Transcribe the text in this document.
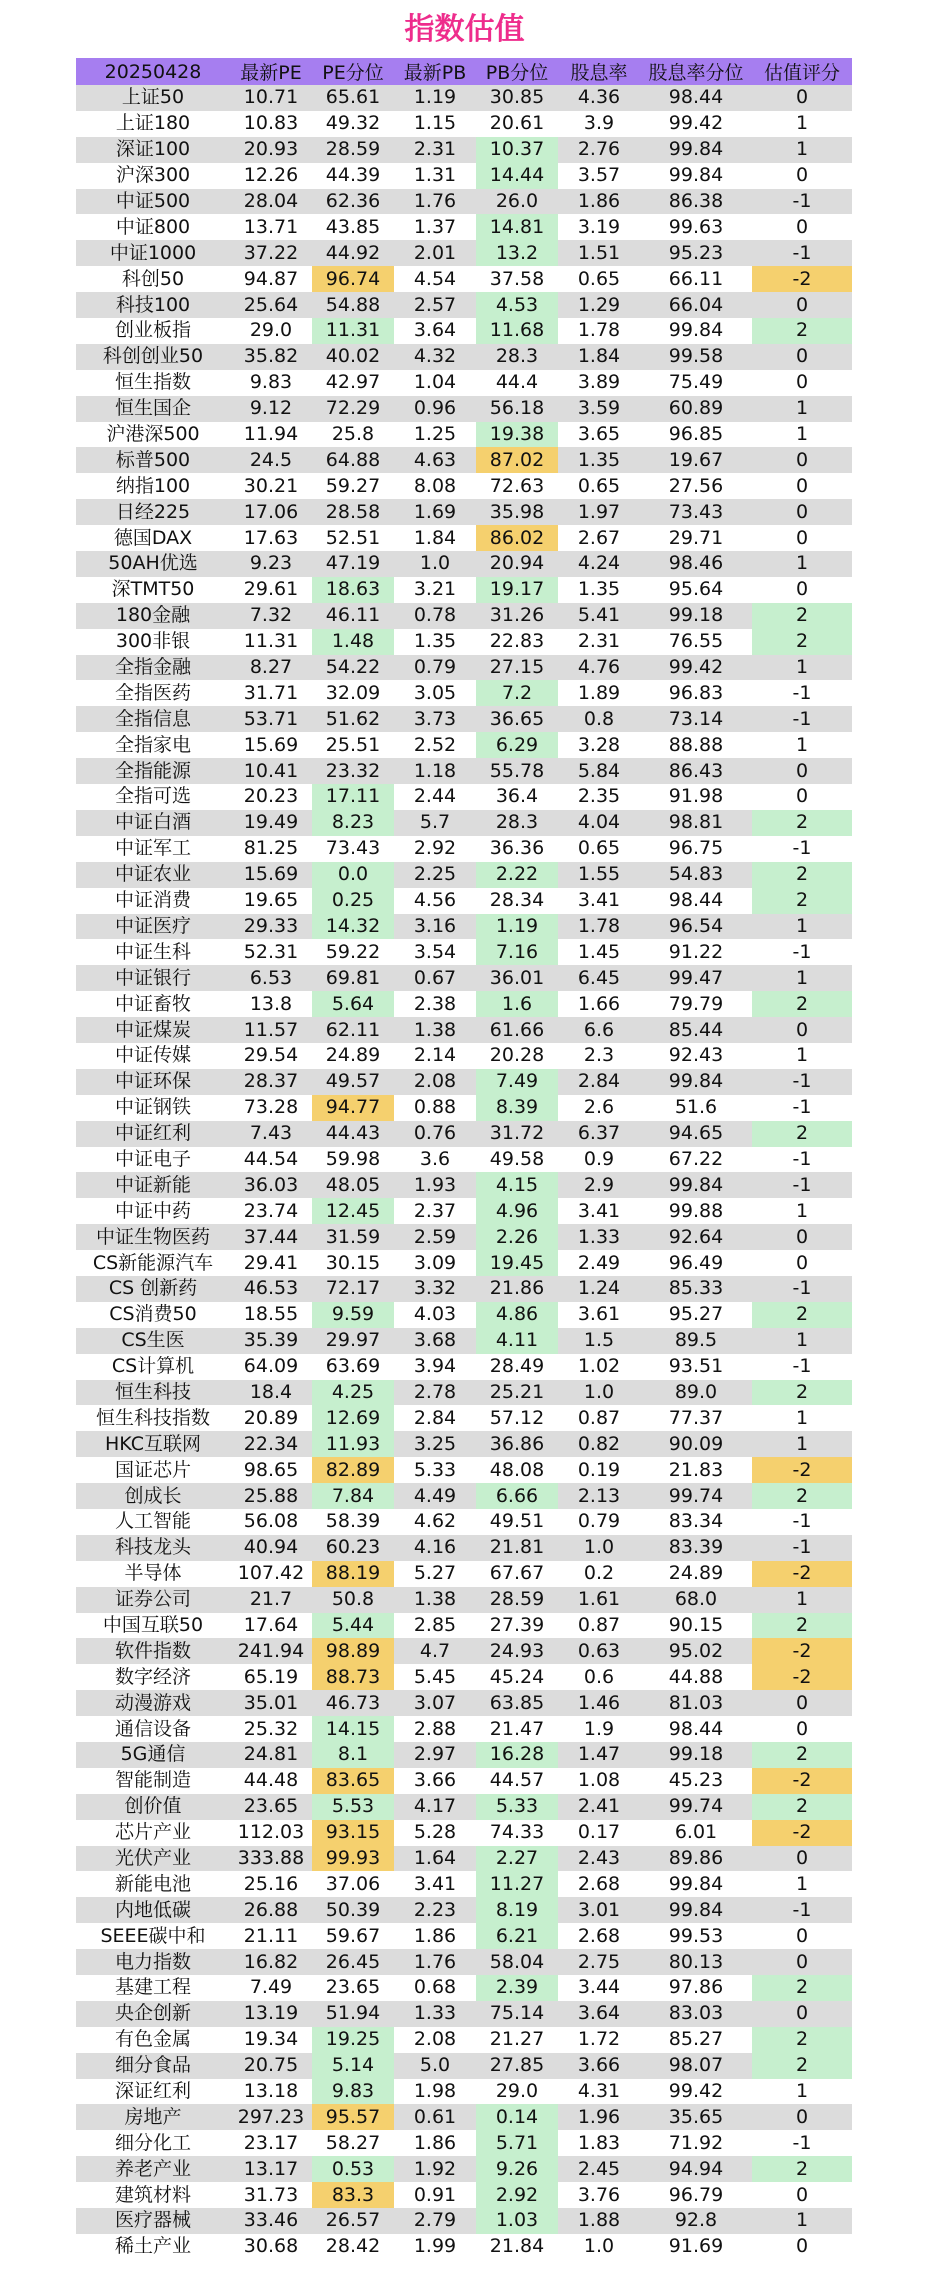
指数估值
20250428	最新PE	PE分位	最新PB	PB分位	股息率	股息率分位	估值评分
上证50	10.71	65.61	1.19	30.85	4.36	98.44	0
上证180	10.83	49.32	1.15	20.61	3.9	99.42	1
深证100	20.93	28.59	2.31	10.37	2.76	99.84	1
沪深300	12.26	44.39	1.31	14.44	3.57	99.84	0
中证500	28.04	62.36	1.76	26.0	1.86	86.38	-1
中证800	13.71	43.85	1.37	14.81	3.19	99.63	0
中证1000	37.22	44.92	2.01	13.2	1.51	95.23	-1
科创50	94.87	96.74	4.54	37.58	0.65	66.11	-2
科技100	25.64	54.88	2.57	4.53	1.29	66.04	0
创业板指	29.0	11.31	3.64	11.68	1.78	99.84	2
科创创业50	35.82	40.02	4.32	28.3	1.84	99.58	0
恒生指数	9.83	42.97	1.04	44.4	3.89	75.49	0
恒生国企	9.12	72.29	0.96	56.18	3.59	60.89	1
沪港深500	11.94	25.8	1.25	19.38	3.65	96.85	1
标普500	24.5	64.88	4.63	87.02	1.35	19.67	0
纳指100	30.21	59.27	8.08	72.63	0.65	27.56	0
日经225	17.06	28.58	1.69	35.98	1.97	73.43	0
德国DAX	17.63	52.51	1.84	86.02	2.67	29.71	0
50AH优选	9.23	47.19	1.0	20.94	4.24	98.46	1
深TMT50	29.61	18.63	3.21	19.17	1.35	95.64	0
180金融	7.32	46.11	0.78	31.26	5.41	99.18	2
300非银	11.31	1.48	1.35	22.83	2.31	76.55	2
全指金融	8.27	54.22	0.79	27.15	4.76	99.42	1
全指医药	31.71	32.09	3.05	7.2	1.89	96.83	-1
全指信息	53.71	51.62	3.73	36.65	0.8	73.14	-1
全指家电	15.69	25.51	2.52	6.29	3.28	88.88	1
全指能源	10.41	23.32	1.18	55.78	5.84	86.43	0
全指可选	20.23	17.11	2.44	36.4	2.35	91.98	0
中证白酒	19.49	8.23	5.7	28.3	4.04	98.81	2
中证军工	81.25	73.43	2.92	36.36	0.65	96.75	-1
中证农业	15.69	0.0	2.25	2.22	1.55	54.83	2
中证消费	19.65	0.25	4.56	28.34	3.41	98.44	2
中证医疗	29.33	14.32	3.16	1.19	1.78	96.54	1
中证生科	52.31	59.22	3.54	7.16	1.45	91.22	-1
中证银行	6.53	69.81	0.67	36.01	6.45	99.47	1
中证畜牧	13.8	5.64	2.38	1.6	1.66	79.79	2
中证煤炭	11.57	62.11	1.38	61.66	6.6	85.44	0
中证传媒	29.54	24.89	2.14	20.28	2.3	92.43	1
中证环保	28.37	49.57	2.08	7.49	2.84	99.84	-1
中证钢铁	73.28	94.77	0.88	8.39	2.6	51.6	-1
中证红利	7.43	44.43	0.76	31.72	6.37	94.65	2
中证电子	44.54	59.98	3.6	49.58	0.9	67.22	-1
中证新能	36.03	48.05	1.93	4.15	2.9	99.84	-1
中证中药	23.74	12.45	2.37	4.96	3.41	99.88	1
中证生物医药	37.44	31.59	2.59	2.26	1.33	92.64	0
CS新能源汽车	29.41	30.15	3.09	19.45	2.49	96.49	0
CS 创新药	46.53	72.17	3.32	21.86	1.24	85.33	-1
CS消费50	18.55	9.59	4.03	4.86	3.61	95.27	2
CS生医	35.39	29.97	3.68	4.11	1.5	89.5	1
CS计算机	64.09	63.69	3.94	28.49	1.02	93.51	-1
恒生科技	18.4	4.25	2.78	25.21	1.0	89.0	2
恒生科技指数	20.89	12.69	2.84	57.12	0.87	77.37	1
HKC互联网	22.34	11.93	3.25	36.86	0.82	90.09	1
国证芯片	98.65	82.89	5.33	48.08	0.19	21.83	-2
创成长	25.88	7.84	4.49	6.66	2.13	99.74	2
人工智能	56.08	58.39	4.62	49.51	0.79	83.34	-1
科技龙头	40.94	60.23	4.16	21.81	1.0	83.39	-1
半导体	107.42	88.19	5.27	67.67	0.2	24.89	-2
证券公司	21.7	50.8	1.38	28.59	1.61	68.0	1
中国互联50	17.64	5.44	2.85	27.39	0.87	90.15	2
软件指数	241.94	98.89	4.7	24.93	0.63	95.02	-2
数字经济	65.19	88.73	5.45	45.24	0.6	44.88	-2
动漫游戏	35.01	46.73	3.07	63.85	1.46	81.03	0
通信设备	25.32	14.15	2.88	21.47	1.9	98.44	0
5G通信	24.81	8.1	2.97	16.28	1.47	99.18	2
智能制造	44.48	83.65	3.66	44.57	1.08	45.23	-2
创价值	23.65	5.53	4.17	5.33	2.41	99.74	2
芯片产业	112.03	93.15	5.28	74.33	0.17	6.01	-2
光伏产业	333.88	99.93	1.64	2.27	2.43	89.86	0
新能电池	25.16	37.06	3.41	11.27	2.68	99.84	1
内地低碳	26.88	50.39	2.23	8.19	3.01	99.84	-1
SEEE碳中和	21.11	59.67	1.86	6.21	2.68	99.53	0
电力指数	16.82	26.45	1.76	58.04	2.75	80.13	0
基建工程	7.49	23.65	0.68	2.39	3.44	97.86	2
央企创新	13.19	51.94	1.33	75.14	3.64	83.03	0
有色金属	19.34	19.25	2.08	21.27	1.72	85.27	2
细分食品	20.75	5.14	5.0	27.85	3.66	98.07	2
深证红利	13.18	9.83	1.98	29.0	4.31	99.42	1
房地产	297.23	95.57	0.61	0.14	1.96	35.65	0
细分化工	23.17	58.27	1.86	5.71	1.83	71.92	-1
养老产业	13.17	0.53	1.92	9.26	2.45	94.94	2
建筑材料	31.73	83.3	0.91	2.92	3.76	96.79	0
医疗器械	33.46	26.57	2.79	1.03	1.88	92.8	1
稀土产业	30.68	28.42	1.99	21.84	1.0	91.69	0
